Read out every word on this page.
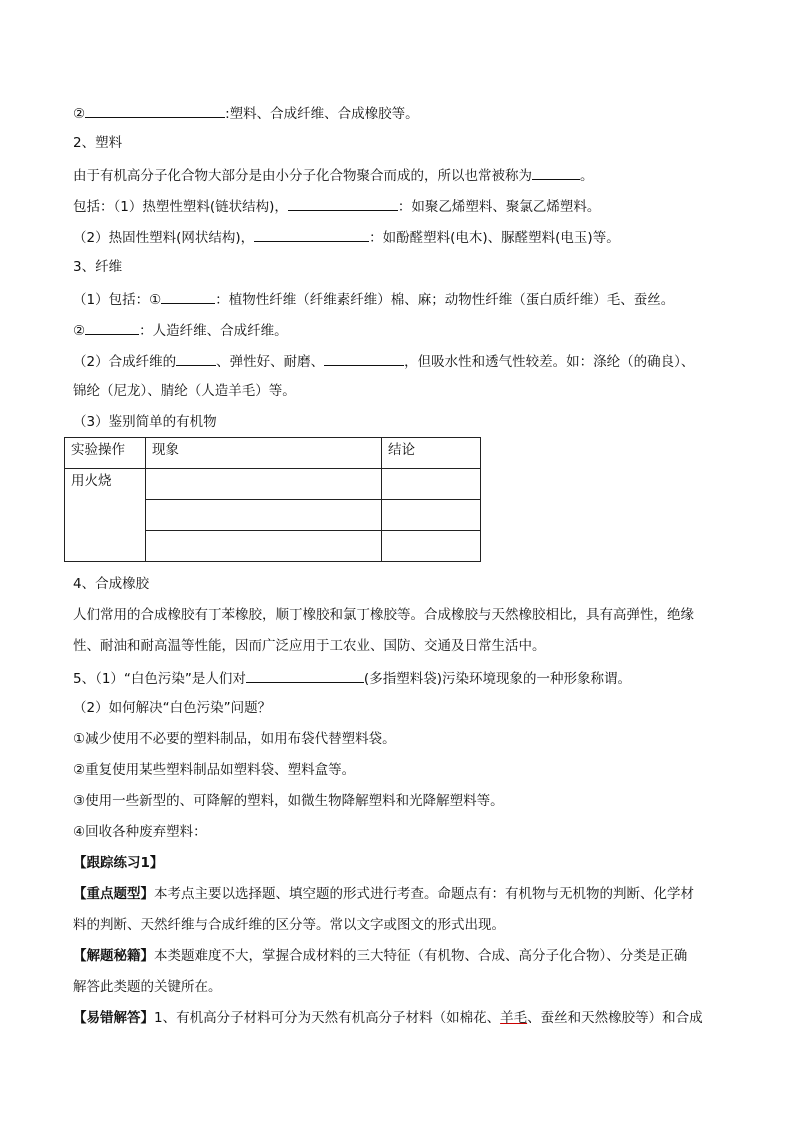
②	:塑料、合成纤维、合成橡胶等。
2、塑料
由于有机高分子化合物大部分是由小分子化合物聚合而成的，所以也常被称为	。
包括：（1）热塑性塑料(链状结构)，	：如聚乙烯塑料、聚氯乙烯塑料。
（2）热固性塑料(网状结构)，	：如酚醛塑料(电木)、脲醛塑料(电玉)等。
3、纤维
（1）包括：①	：植物性纤维（纤维素纤维）棉、麻；动物性纤维（蛋白质纤维）毛、蚕丝。
②	：人造纤维、合成纤维。
（2）合成纤维的	、弹性好、耐磨、	，但吸水性和透气性较差。如：涤纶（的确良）、
锦纶（尼龙）、腈纶（人造羊毛）等。
（3）鉴别简单的有机物
实验操作	现象	结论
用火烧		

4、合成橡胶
人们常用的合成橡胶有丁苯橡胶，顺丁橡胶和氯丁橡胶等。合成橡胶与天然橡胶相比，具有高弹性，绝缘
性、耐油和耐高温等性能，因而广泛应用于工农业、国防、交通及日常生活中。
5、（1）“白色污染”是人们对	(多指塑料袋)污染环境现象的一种形象称谓。
（2）如何解决“白色污染”问题？
①减少使用不必要的塑料制品，如用布袋代替塑料袋。
②重复使用某些塑料制品如塑料袋、塑料盒等。
③使用一些新型的、可降解的塑料，如微生物降解塑料和光降解塑料等。
④回收各种废弃塑料：
【跟踪练习1】
【重点题型】本考点主要以选择题、填空题的形式进行考查。命题点有：有机物与无机物的判断、化学材
料的判断、天然纤维与合成纤维的区分等。常以文字或图文的形式出现。
【解题秘籍】本类题难度不大，掌握合成材料的三大特征（有机物、合成、高分子化合物）、分类是正确
解答此类题的关键所在。
【易错解答】1、有机高分子材料可分为天然有机高分子材料（如棉花、羊毛、蚕丝和天然橡胶等）和合成
